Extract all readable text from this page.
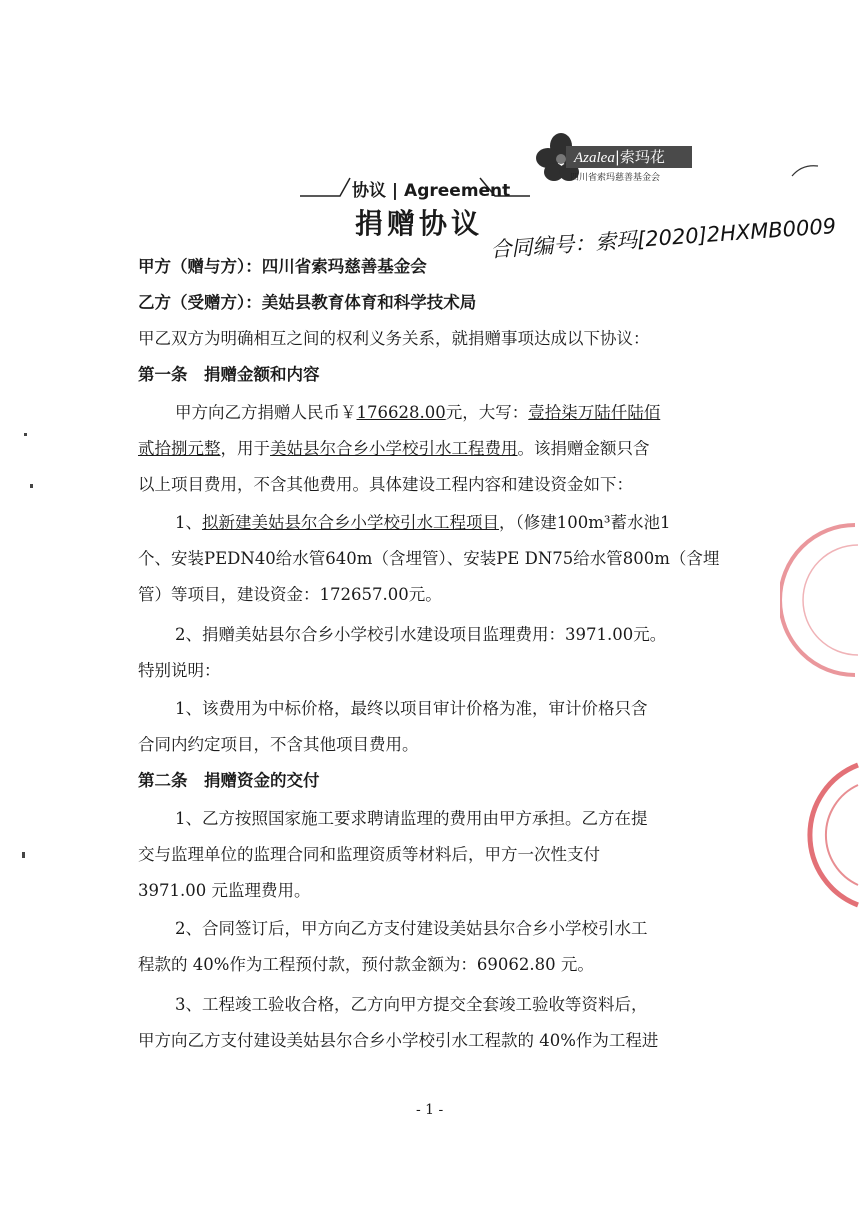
Azalea|索玛花
四川省索玛慈善基金会
协议 | Agreement
捐赠协议 合同编号：索玛[2020]2HXMB0009
甲方（赠与方）：四川省索玛慈善基金会
乙方（受赠方）：美姑县教育体育和科学技术局
甲乙双方为明确相互之间的权利义务关系，就捐赠事项达成以下协议：
第一条　捐赠金额和内容
甲方向乙方捐赠人民币￥176628.00元，大写：壹拾柒万陆仟陆佰
贰拾捌元整，用于美姑县尔合乡小学校引水工程费用。该捐赠金额只含
以上项目费用，不含其他费用。具体建设工程内容和建设资金如下：
1、拟新建美姑县尔合乡小学校引水工程项目，（修建100m³蓄水池1
个、安装PEDN40给水管640m（含埋管）、安装PE DN75给水管800m（含埋
管）等项目，建设资金：172657.00元。
2、捐赠美姑县尔合乡小学校引水建设项目监理费用：3971.00元。
特别说明：
1、该费用为中标价格，最终以项目审计价格为准，审计价格只含
合同内约定项目，不含其他项目费用。
第二条　捐赠资金的交付
1、乙方按照国家施工要求聘请监理的费用由甲方承担。乙方在提
交与监理单位的监理合同和监理资质等材料后，甲方一次性支付
3971.00 元监理费用。
2、合同签订后，甲方向乙方支付建设美姑县尔合乡小学校引水工
程款的 40%作为工程预付款，预付款金额为：69062.80 元。
3、工程竣工验收合格，乙方向甲方提交全套竣工验收等资料后，
甲方向乙方支付建设美姑县尔合乡小学校引水工程款的 40%作为工程进
- 1 -
